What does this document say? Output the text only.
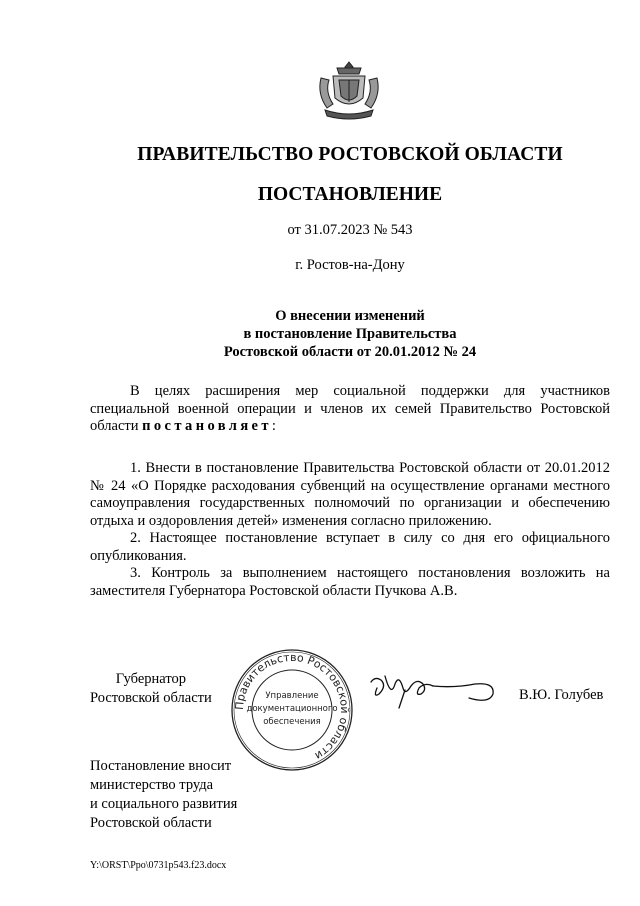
ПРАВИТЕЛЬСТВО РОСТОВСКОЙ ОБЛАСТИ
ПОСТАНОВЛЕНИЕ
от 31.07.2023 № 543
г. Ростов-на-Дону
О внесении изменений
в постановление Правительства
Ростовской области от 20.01.2012 № 24

В целях расширения мер социальной поддержки для участников специальной военной операции и членов их семей Правительство Ростовской области постановляет:

1. Внести в постановление Правительства Ростовской области от 20.01.2012 № 24 «О Порядке расходования субвенций на осуществление органами местного самоуправления государственных полномочий по организации и обеспечению отдыха и оздоровления детей» изменения согласно приложению.

2. Настоящее постановление вступает в силу со дня его официального опубликования.

3. Контроль за выполнением настоящего постановления возложить на заместителя Губернатора Ростовской области Пучкова А.В.

Губернатор
Ростовской области Правительство Ростовской области
Управление
документационного
обеспечения
В.Ю. Голубев
Постановление вносит
министерство труда
и социального развития
Ростовской области
Y:\ORST\Ppo\0731p543.f23.docx
